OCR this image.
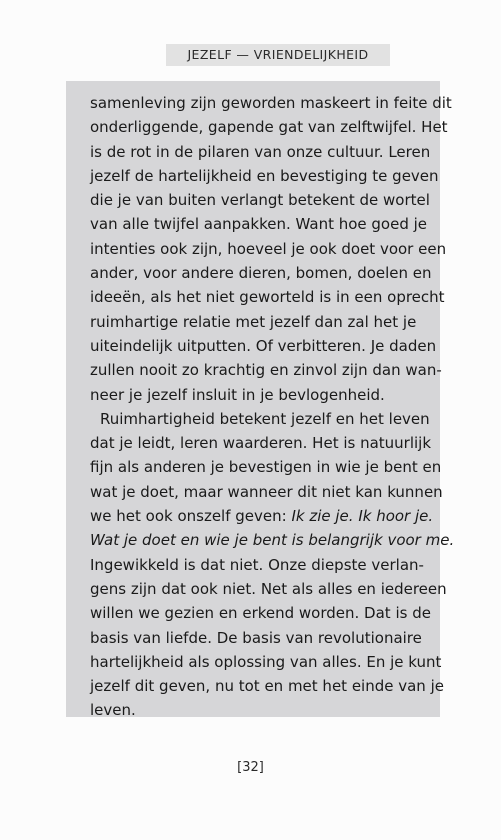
JEZELF — VRIENDELIJKHEID
samenleving zijn geworden maskeert in feite dit
onderliggende, gapende gat van zelftwijfel. Het
is de rot in de pilaren van onze cultuur. Leren
jezelf de hartelijkheid en bevestiging te geven
die je van buiten verlangt betekent de wortel
van alle twijfel aanpakken. Want hoe goed je
intenties ook zijn, hoeveel je ook doet voor een
ander, voor andere dieren, bomen, doelen en
ideeën, als het niet geworteld is in een oprecht
ruimhartige relatie met jezelf dan zal het je
uiteindelijk uitputten. Of verbitteren. Je daden
zullen nooit zo krachtig en zinvol zijn dan wan-
neer je jezelf insluit in je bevlogenheid.
Ruimhartigheid betekent jezelf en het leven
dat je leidt, leren waarderen. Het is natuurlijk
fijn als anderen je bevestigen in wie je bent en
wat je doet, maar wanneer dit niet kan kunnen
we het ook onszelf geven: Ik zie je. Ik hoor je.
Wat je doet en wie je bent is belangrijk voor me.
Ingewikkeld is dat niet. Onze diepste verlan-
gens zijn dat ook niet. Net als alles en iedereen
willen we gezien en erkend worden. Dat is de
basis van liefde. De basis van revolutionaire
hartelijkheid als oplossing van alles. En je kunt
jezelf dit geven, nu tot en met het einde van je
leven.
[32]
